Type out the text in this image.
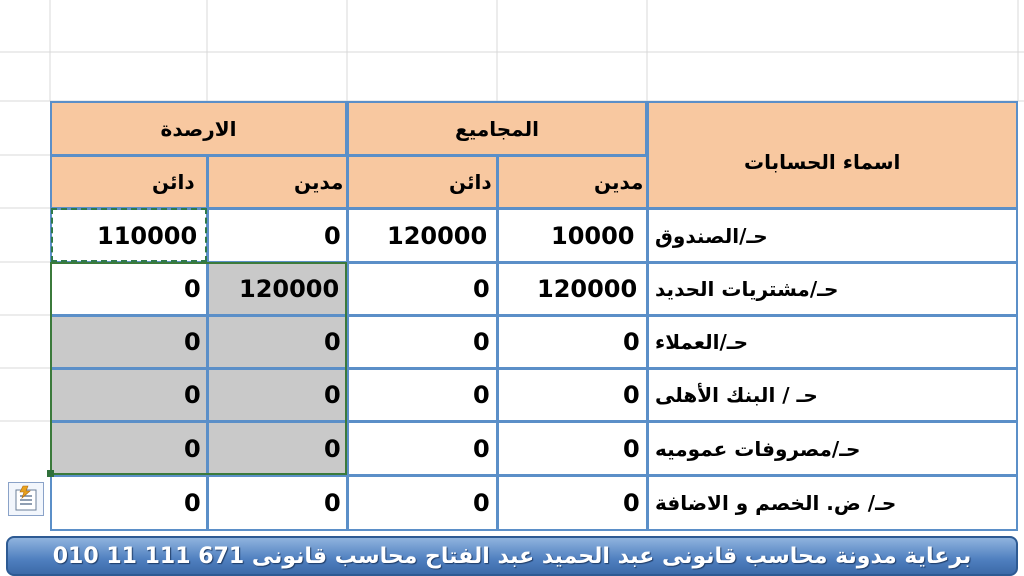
الارصدة	المجاميع
اسماء الحسابات
دائن	مدين	دائن	مدين
110000	0	120000	10000	حـ/الصندوق
0	120000	0	120000 حـ/مشتريات الحديد
0	0	0	0 حـ/العملاء
0	0	0	0 حـ / البنك الأهلى
0	0	0	0 حـ/مصروفات عموميه
0	0	0	0 حـ/ ض. الخصم و الاضافة
برعاية مدونة محاسب قانونى عبد الحميد عبد الفتاح محاسب قانونى 671 111 11 010
